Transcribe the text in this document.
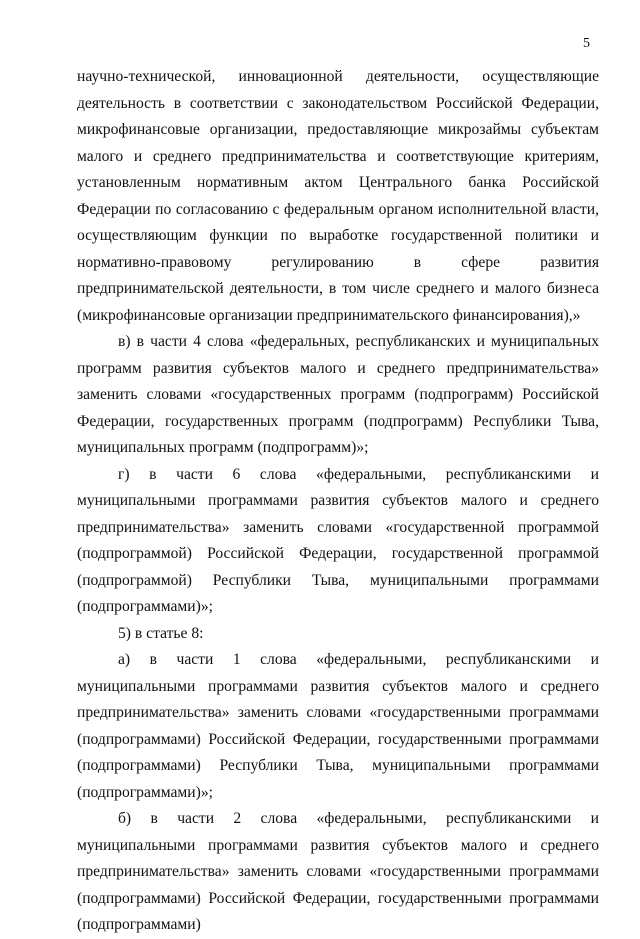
5

научно-технической, инновационной деятельности, осуществляющие деятельность в соответствии с законодательством Российской Федерации, микрофинансовые организации, предоставляющие микрозаймы субъектам малого и среднего предпринимательства и соответствующие критериям, установленным нормативным актом Центрального банка Российской Федерации по согласованию с федеральным органом исполнительной власти, осуществляющим функции по выработке государственной политики и нормативно-правовому регулированию в сфере развития предпринимательской деятельности, в том числе среднего и малого бизнеса (микрофинансовые организации предпринимательского финансирования),»

в) в части 4 слова «федеральных, республиканских и муниципальных программ развития субъектов малого и среднего предпринимательства» заменить словами «государственных программ (подпрограмм) Российской Федерации, государственных программ (подпрограмм) Республики Тыва, муниципальных программ (подпрограмм)»;

г) в части 6 слова «федеральными, республиканскими и муниципальными программами развития субъектов малого и среднего предпринимательства» заменить словами «государственной программой (подпрограммой) Российской Федерации, государственной программой (подпрограммой) Республики Тыва, муниципальными программами (подпрограммами)»;

5) в статье 8:

а) в части 1 слова «федеральными, республиканскими и муниципальными программами развития субъектов малого и среднего предпринимательства» заменить словами «государственными программами (подпрограммами) Российской Федерации, государственными программами (подпрограммами) Республики Тыва, муниципальными программами (подпрограммами)»;

б) в части 2 слова «федеральными, республиканскими и муниципальными программами развития субъектов малого и среднего предпринимательства» заменить словами «государственными программами (подпрограммами) Российской Федерации, государственными программами (подпрограммами)
